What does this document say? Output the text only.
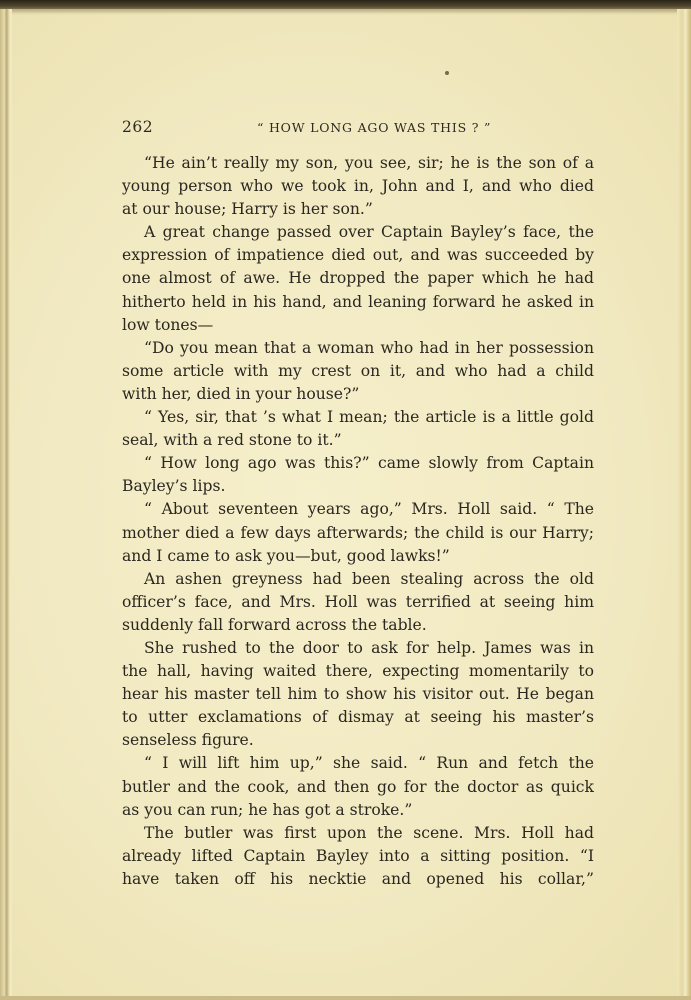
262	“ HOW LONG AGO WAS THIS ? ”
“He ain’t really my son, you see, sir; he is the son of a
young person who we took in, John and I, and who died
at our house; Harry is her son.”
A great change passed over Captain Bayley’s face, the
expression of impatience died out, and was succeeded by
one almost of awe. He dropped the paper which he had
hitherto held in his hand, and leaning forward he asked in
low tones—
“Do you mean that a woman who had in her possession
some article with my crest on it, and who had a child
with her, died in your house?”
“ Yes, sir, that ’s what I mean; the article is a little gold
seal, with a red stone to it.”
“ How long ago was this?” came slowly from Captain
Bayley’s lips.
“ About seventeen years ago,” Mrs. Holl said. “ The
mother died a few days afterwards; the child is our Harry;
and I came to ask you—but, good lawks!”
An ashen greyness had been stealing across the old
officer’s face, and Mrs. Holl was terrified at seeing him
suddenly fall forward across the table.
She rushed to the door to ask for help. James was in
the hall, having waited there, expecting momentarily to
hear his master tell him to show his visitor out. He began
to utter exclamations of dismay at seeing his master’s
senseless figure.
“ I will lift him up,” she said. “ Run and fetch the
butler and the cook, and then go for the doctor as quick
as you can run; he has got a stroke.”
The butler was first upon the scene. Mrs. Holl had
already lifted Captain Bayley into a sitting position. “I
have taken off his necktie and opened his collar,”
